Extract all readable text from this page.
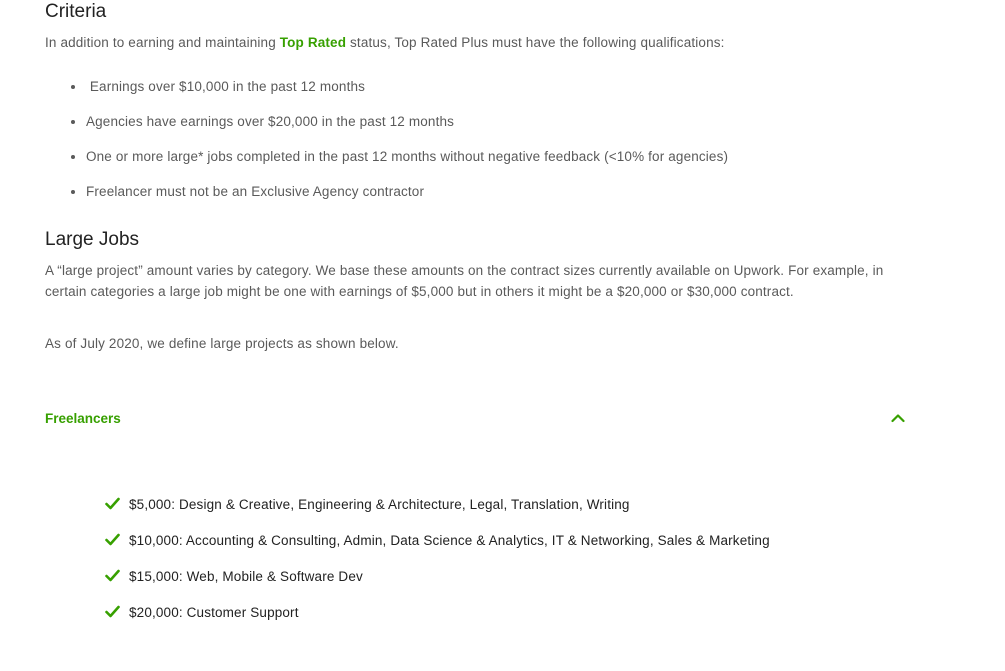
Criteria

In addition to earning and maintaining Top Rated status, Top Rated Plus must have the following qualifications:

Earnings over $10,000 in the past 12 months
Agencies have earnings over $20,000 in the past 12 months
One or more large* jobs completed in the past 12 months without negative feedback (<10% for agencies)
Freelancer must not be an Exclusive Agency contractor
Large Jobs

A “large project” amount varies by category. We base these amounts on the contract sizes currently available on Upwork. For example, in certain categories a large job might be one with earnings of $5,000 but in others it might be a $20,000 or $30,000 contract.

As of July 2020, we define large projects as shown below.

Freelancers
$5,000: Design & Creative, Engineering & Architecture, Legal, Translation, Writing
$10,000: Accounting & Consulting, Admin, Data Science & Analytics, IT & Networking, Sales & Marketing
$15,000: Web, Mobile & Software Dev
$20,000: Customer Support
